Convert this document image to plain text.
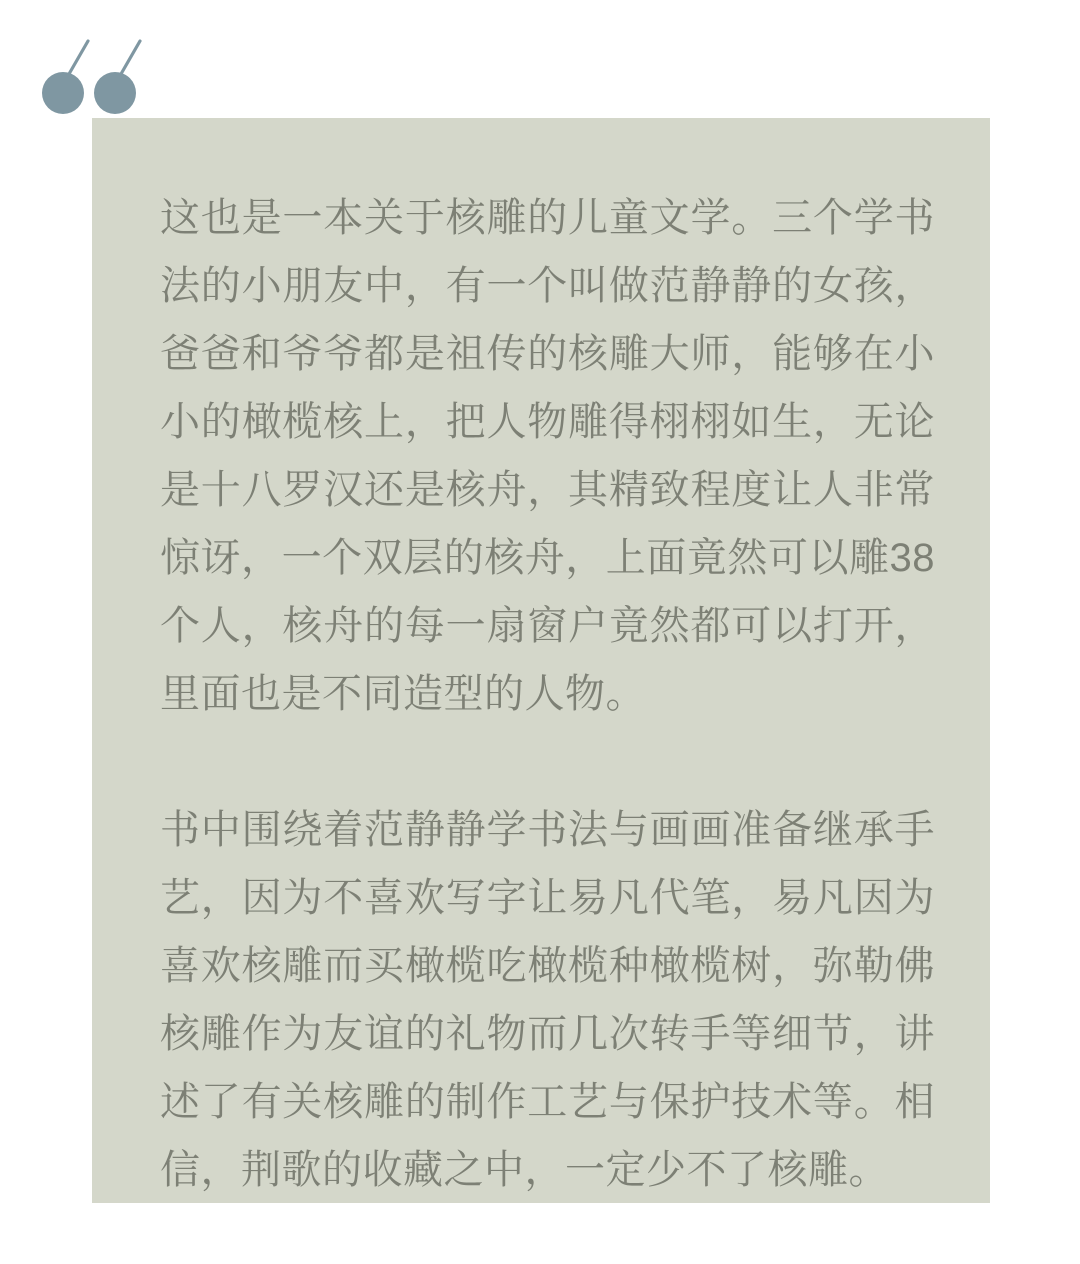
这也是一本关于核雕的儿童文学。三个学书法的小朋友中，有一个叫做范静静的女孩，爸爸和爷爷都是祖传的核雕大师，能够在小小的橄榄核上，把人物雕得栩栩如生，无论是十八罗汉还是核舟，其精致程度让人非常惊讶，一个双层的核舟，上面竟然可以雕38个人，核舟的每一扇窗户竟然都可以打开，里面也是不同造型的人物。

书中围绕着范静静学书法与画画准备继承手艺，因为不喜欢写字让易凡代笔，易凡因为喜欢核雕而买橄榄吃橄榄种橄榄树，弥勒佛核雕作为友谊的礼物而几次转手等细节，讲述了有关核雕的制作工艺与保护技术等。相信，荆歌的收藏之中，一定少不了核雕。
